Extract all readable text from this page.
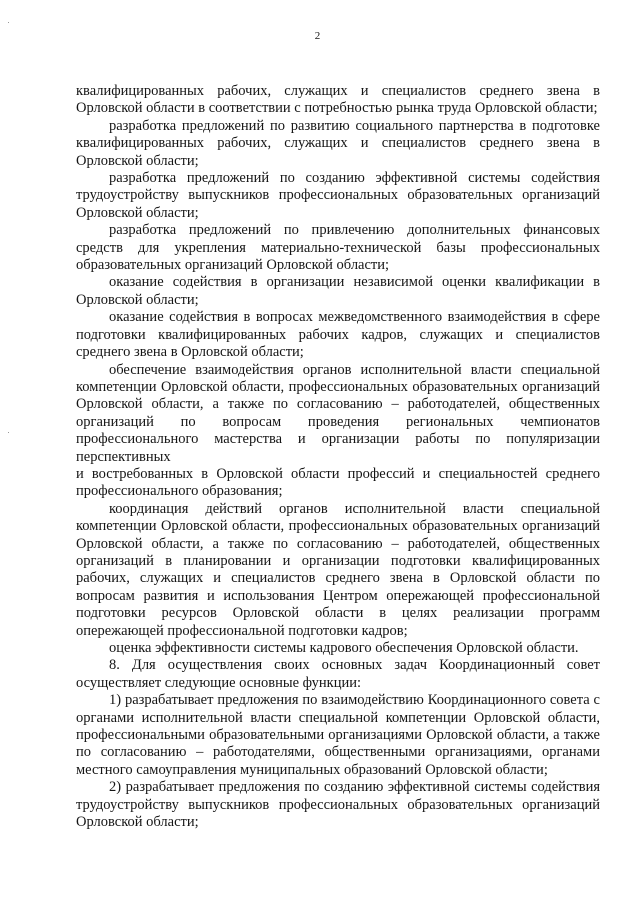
2

квалифицированных рабочих, служащих и специалистов среднего звена в Орловской области в соответствии с потребностью рынка труда Орловской области;

разработка предложений по развитию социального партнерства в подготовке квалифицированных рабочих, служащих и специалистов среднего звена в Орловской области;

разработка предложений по созданию эффективной системы содействия трудоустройству выпускников профессиональных образовательных организаций Орловской области;

разработка предложений по привлечению дополнительных финансовых средств для укрепления материально-технической базы профессиональных образовательных организаций Орловской области;

оказание содействия в организации независимой оценки квалификации в Орловской области;

оказание содействия в вопросах межведомственного взаимодействия в сфере подготовки квалифицированных рабочих кадров, служащих и специалистов среднего звена в Орловской области;

обеспечение взаимодействия органов исполнительной власти специальной компетенции Орловской области, профессиональных образовательных организаций Орловской области, а также по согласованию – работодателей, общественных организаций по вопросам проведения региональных чемпионатов профессионального мастерства и организации работы по популяризации перспективных

и востребованных в Орловской области профессий и специальностей среднего профессионального образования;

координация действий органов исполнительной власти специальной компетенции Орловской области, профессиональных образовательных организаций Орловской области, а также по согласованию – работодателей, общественных организаций в планировании и организации подготовки квалифицированных рабочих, служащих и специалистов среднего звена в Орловской области по вопросам развития и использования Центром опережающей профессиональной подготовки ресурсов Орловской области в целях реализации программ опережающей профессиональной подготовки кадров;

оценка эффективности системы кадрового обеспечения Орловской области.

8. Для осуществления своих основных задач Координационный совет осуществляет следующие основные функции:

1) разрабатывает предложения по взаимодействию Координационного совета с органами исполнительной власти специальной компетенции Орловской области, профессиональными образовательными организациями Орловской области, а также по согласованию – работодателями, общественными организациями, органами местного самоуправления муниципальных образований Орловской области;

2) разрабатывает предложения по созданию эффективной системы содействия трудоустройству выпускников профессиональных образовательных организаций Орловской области;
